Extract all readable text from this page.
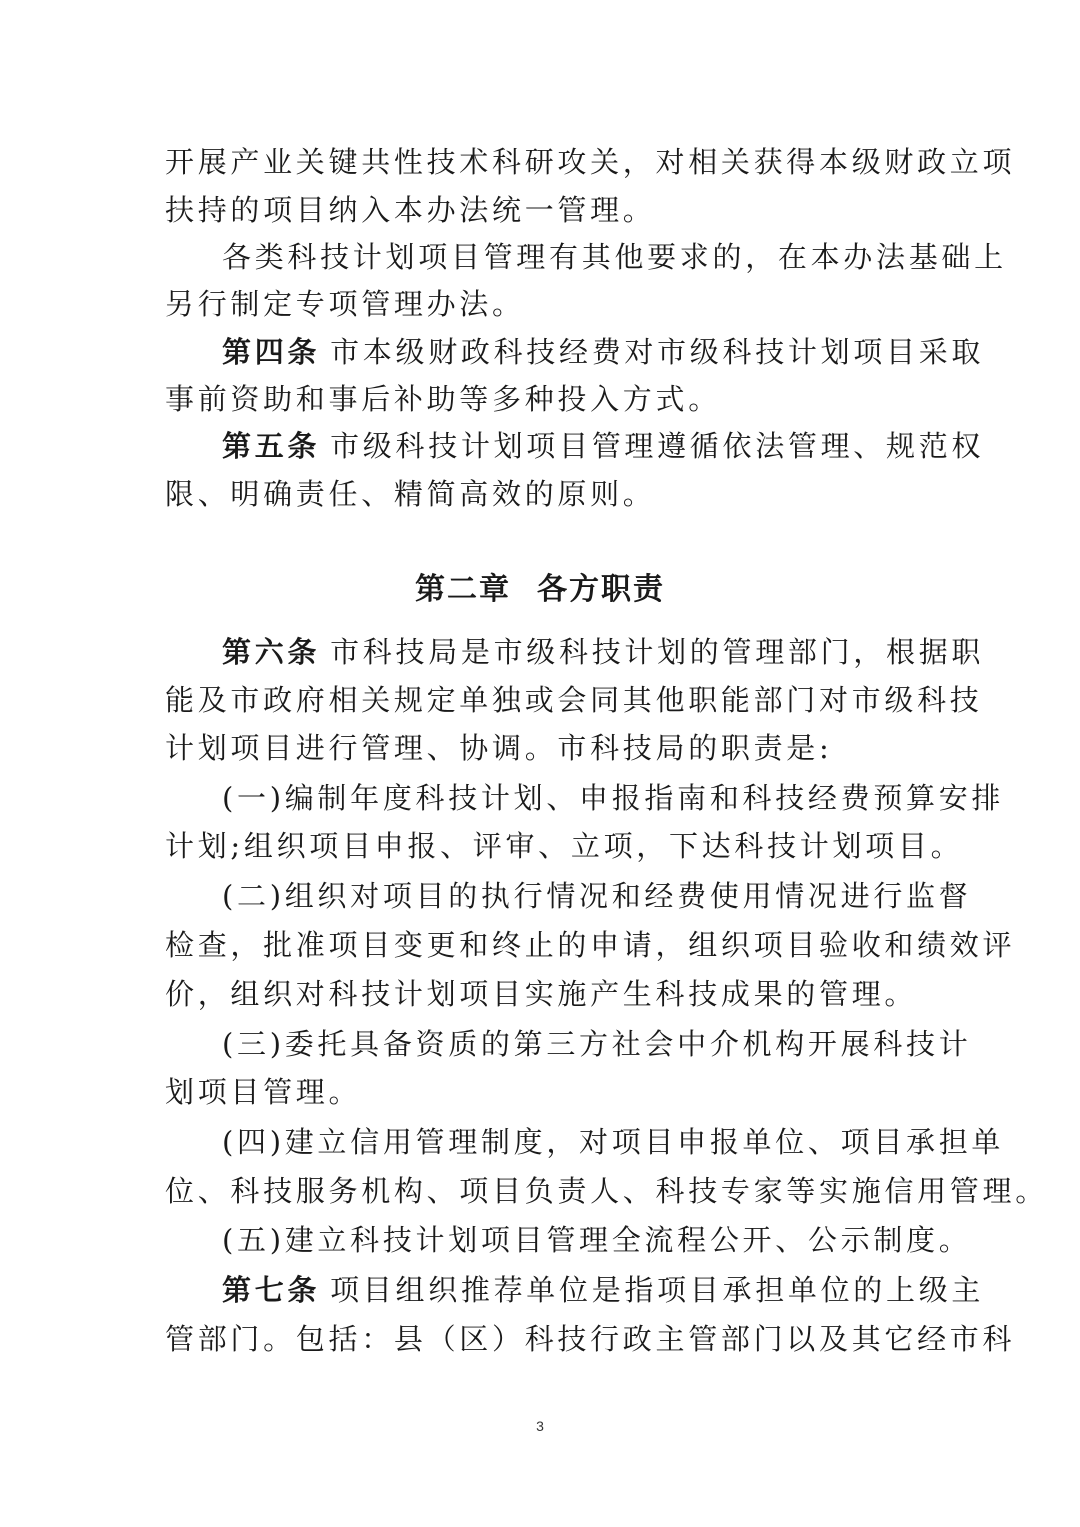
开展产业关键共性技术科研攻关，对相关获得本级财政立项
扶持的项目纳入本办法统一管理。
各类科技计划项目管理有其他要求的，在本办法基础上
另行制定专项管理办法。
第四条 市本级财政科技经费对市级科技计划项目采取
事前资助和事后补助等多种投入方式。
第五条 市级科技计划项目管理遵循依法管理、规范权
限、明确责任、精简高效的原则。
第二章 各方职责
第六条 市科技局是市级科技计划的管理部门，根据职
能及市政府相关规定单独或会同其他职能部门对市级科技
计划项目进行管理、协调。市科技局的职责是:
(一)编制年度科技计划、申报指南和科技经费预算安排
计划;组织项目申报、评审、立项，下达科技计划项目。
(二)组织对项目的执行情况和经费使用情况进行监督
检查，批准项目变更和终止的申请，组织项目验收和绩效评
价，组织对科技计划项目实施产生科技成果的管理。
(三)委托具备资质的第三方社会中介机构开展科技计
划项目管理。
(四)建立信用管理制度，对项目申报单位、项目承担单
位、科技服务机构、项目负责人、科技专家等实施信用管理。
(五)建立科技计划项目管理全流程公开、公示制度。
第七条 项目组织推荐单位是指项目承担单位的上级主
管部门。包括：县（区）科技行政主管部门以及其它经市科
3
